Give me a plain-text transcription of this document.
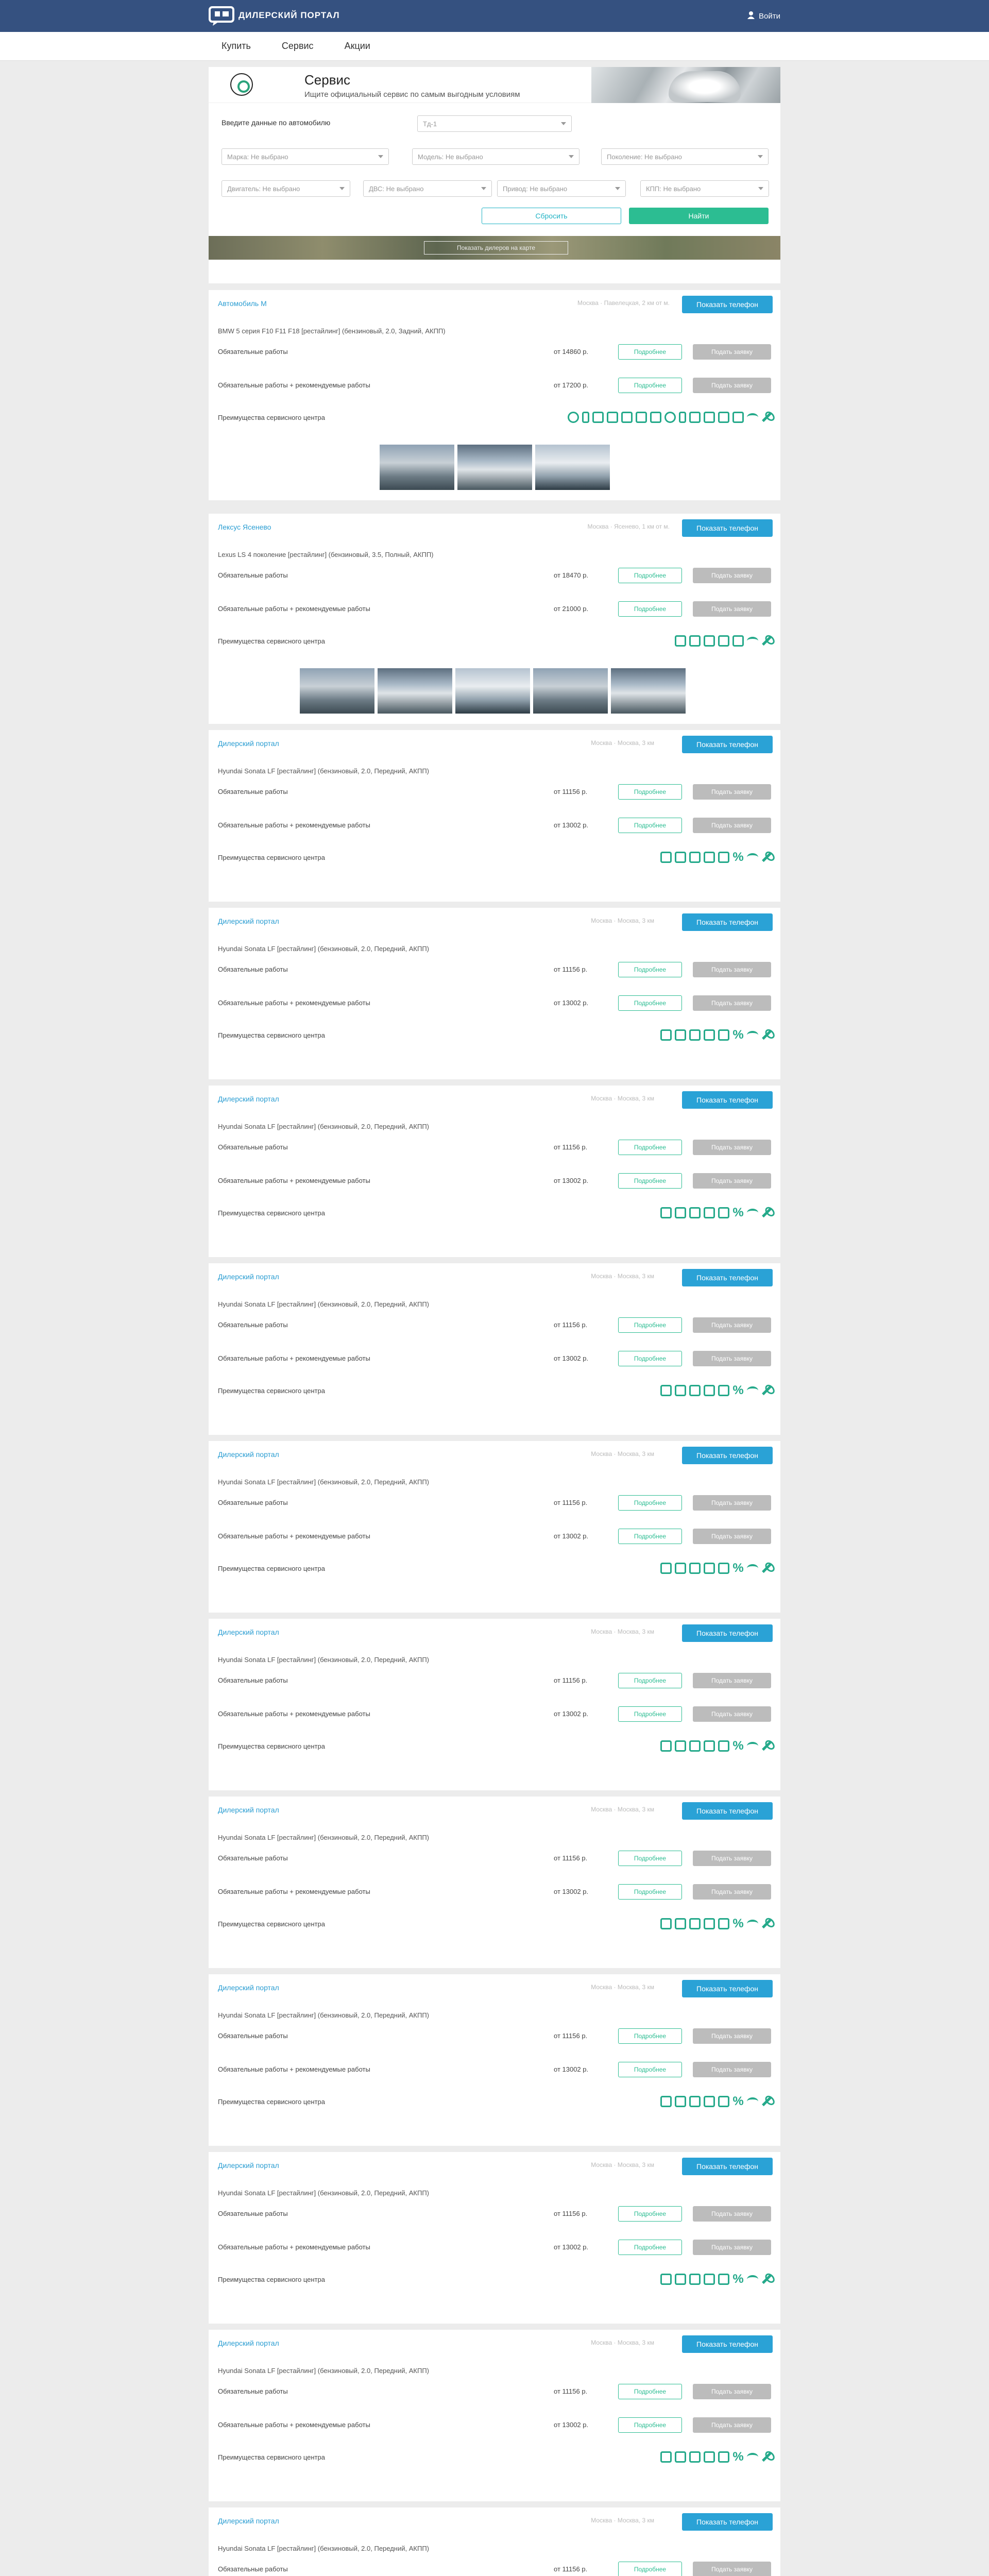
ДИЛЕРСКИЙ ПОРТАЛ	Войти
Купить	Сервис	Акции
Сервис
Ищите официальный сервис по самым выгодным условиям
Введите данные по автомобилю	Тд-1
Марка: Не выбрано	Модель: Не выбрано	Поколение: Не выбрано
Двигатель: Не выбрано	ДВС: Не выбрано	Привод: Не выбрано	КПП: Не выбрано
Сбросить	Найти
Показать дилеров на карте
Автомобиль М	Москва · Павелецкая, 2 км от м.	Показать телефон
BMW 5 серия F10 F11 F18 [рестайлинг] (бензиновый, 2.0, Задний, АКПП)
Обязательные работы	от 14860 р.	Подробнее	Подать заявку
Обязательные работы + рекомендуемые работы	от 17200 р.	Подробнее	Подать заявку
Преимущества сервисного центра
Лексус Ясенево	Москва · Ясенево, 1 км от м.	Показать телефон
Lexus LS 4 поколение [рестайлинг] (бензиновый, 3.5, Полный, АКПП)
Обязательные работы	от 18470 р.	Подробнее	Подать заявку
Обязательные работы + рекомендуемые работы	от 21000 р.	Подробнее	Подать заявку
Преимущества сервисного центра
Дилерский портал	Москва · Москва, 3 км	Показать телефон
Hyundai Sonata LF [рестайлинг] (бензиновый, 2.0, Передний, АКПП)
Обязательные работы	от 11156 р.	Подробнее	Подать заявку
Обязательные работы + рекомендуемые работы	от 13002 р.	Подробнее	Подать заявку
Преимущества сервисного центра	%
Дилерский портал	Москва · Москва, 3 км	Показать телефон
Hyundai Sonata LF [рестайлинг] (бензиновый, 2.0, Передний, АКПП)
Обязательные работы	от 11156 р.	Подробнее	Подать заявку
Обязательные работы + рекомендуемые работы	от 13002 р.	Подробнее	Подать заявку
Преимущества сервисного центра	%
Дилерский портал	Москва · Москва, 3 км	Показать телефон
Hyundai Sonata LF [рестайлинг] (бензиновый, 2.0, Передний, АКПП)
Обязательные работы	от 11156 р.	Подробнее	Подать заявку
Обязательные работы + рекомендуемые работы	от 13002 р.	Подробнее	Подать заявку
Преимущества сервисного центра	%
Дилерский портал	Москва · Москва, 3 км	Показать телефон
Hyundai Sonata LF [рестайлинг] (бензиновый, 2.0, Передний, АКПП)
Обязательные работы	от 11156 р.	Подробнее	Подать заявку
Обязательные работы + рекомендуемые работы	от 13002 р.	Подробнее	Подать заявку
Преимущества сервисного центра	%
Дилерский портал	Москва · Москва, 3 км	Показать телефон
Hyundai Sonata LF [рестайлинг] (бензиновый, 2.0, Передний, АКПП)
Обязательные работы	от 11156 р.	Подробнее	Подать заявку
Обязательные работы + рекомендуемые работы	от 13002 р.	Подробнее	Подать заявку
Преимущества сервисного центра	%
Дилерский портал	Москва · Москва, 3 км	Показать телефон
Hyundai Sonata LF [рестайлинг] (бензиновый, 2.0, Передний, АКПП)
Обязательные работы	от 11156 р.	Подробнее	Подать заявку
Обязательные работы + рекомендуемые работы	от 13002 р.	Подробнее	Подать заявку
Преимущества сервисного центра	%
Дилерский портал	Москва · Москва, 3 км	Показать телефон
Hyundai Sonata LF [рестайлинг] (бензиновый, 2.0, Передний, АКПП)
Обязательные работы	от 11156 р.	Подробнее	Подать заявку
Обязательные работы + рекомендуемые работы	от 13002 р.	Подробнее	Подать заявку
Преимущества сервисного центра	%
Дилерский портал	Москва · Москва, 3 км	Показать телефон
Hyundai Sonata LF [рестайлинг] (бензиновый, 2.0, Передний, АКПП)
Обязательные работы	от 11156 р.	Подробнее	Подать заявку
Обязательные работы + рекомендуемые работы	от 13002 р.	Подробнее	Подать заявку
Преимущества сервисного центра	%
Дилерский портал	Москва · Москва, 3 км	Показать телефон
Hyundai Sonata LF [рестайлинг] (бензиновый, 2.0, Передний, АКПП)
Обязательные работы	от 11156 р.	Подробнее	Подать заявку
Обязательные работы + рекомендуемые работы	от 13002 р.	Подробнее	Подать заявку
Преимущества сервисного центра	%
Дилерский портал	Москва · Москва, 3 км	Показать телефон
Hyundai Sonata LF [рестайлинг] (бензиновый, 2.0, Передний, АКПП)
Обязательные работы	от 11156 р.	Подробнее	Подать заявку
Обязательные работы + рекомендуемые работы	от 13002 р.	Подробнее	Подать заявку
Преимущества сервисного центра	%
Дилерский портал	Москва · Москва, 3 км	Показать телефон
Hyundai Sonata LF [рестайлинг] (бензиновый, 2.0, Передний, АКПП)
Обязательные работы	от 11156 р.	Подробнее	Подать заявку
